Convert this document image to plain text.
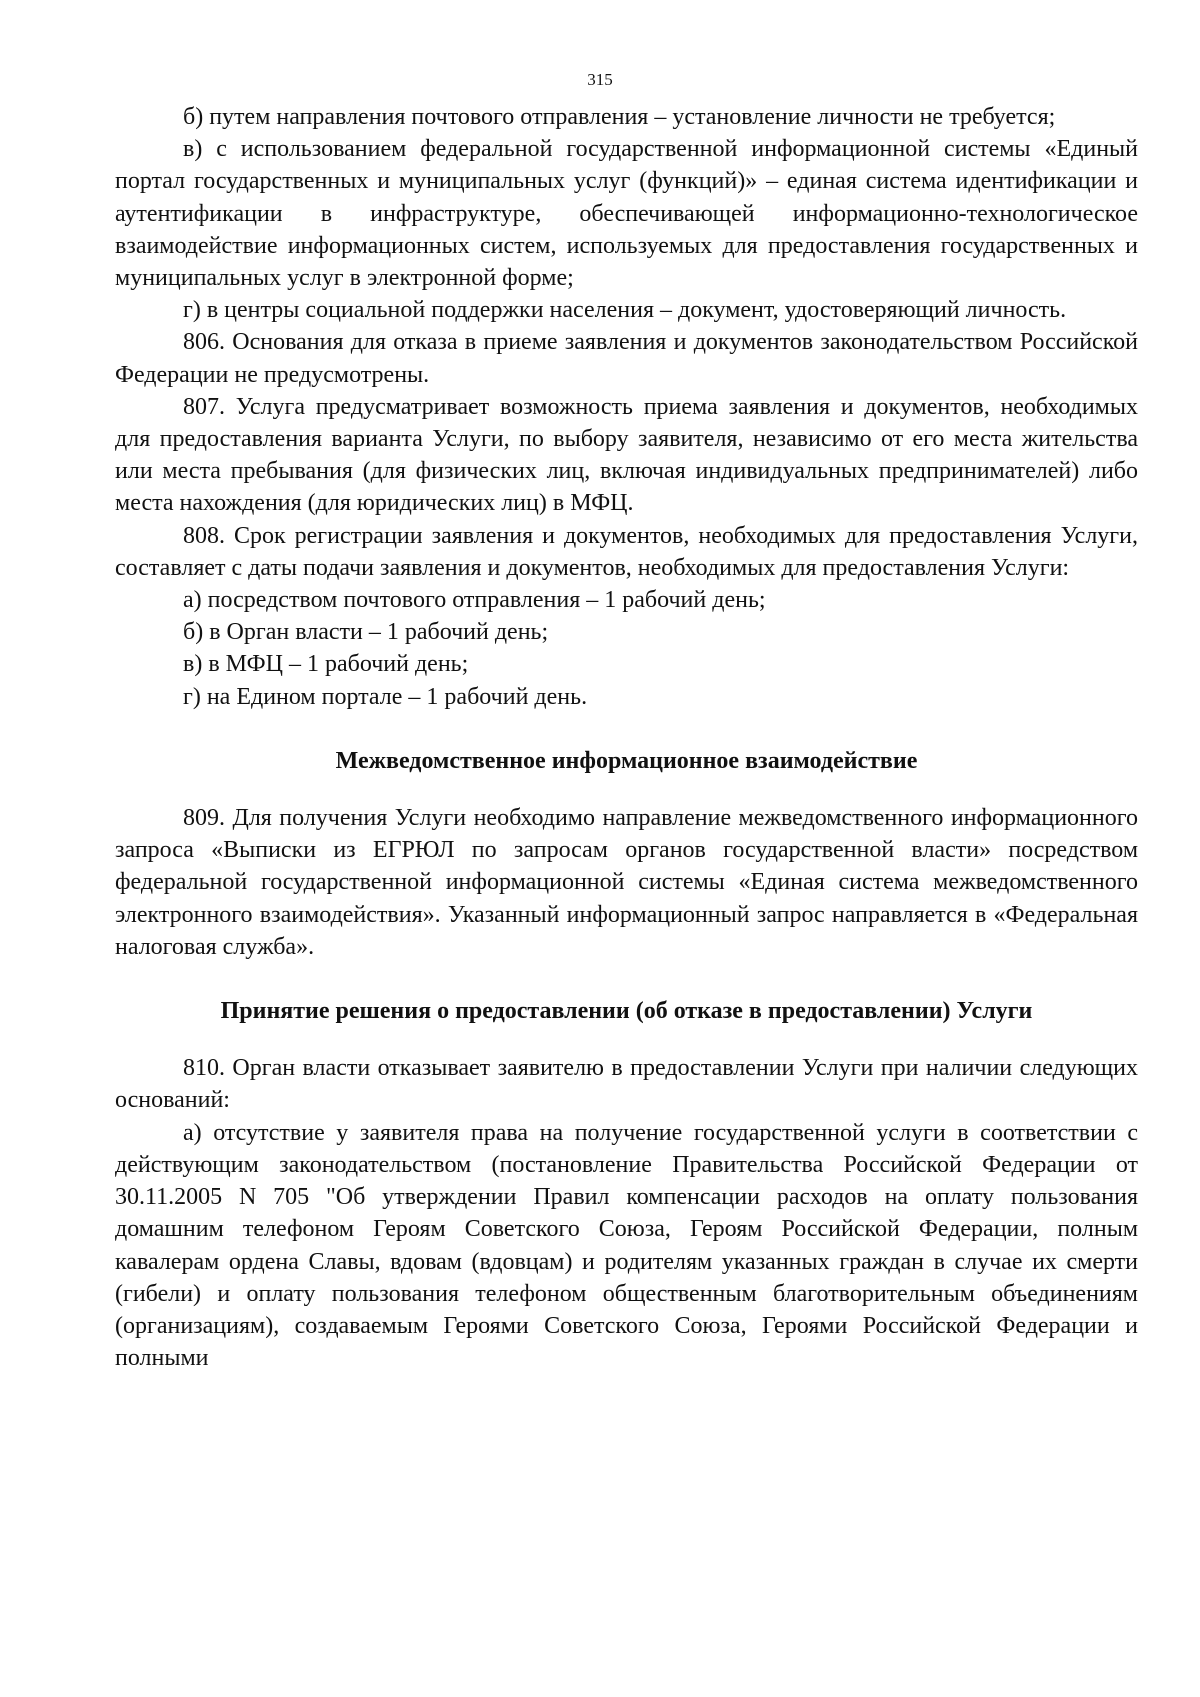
315

б) путем направления почтового отправления – установление личности не требуется;

в) с использованием федеральной государственной информационной системы «Единый портал государственных и муниципальных услуг (функций)» – единая система идентификации и аутентификации в инфраструктуре, обеспечивающей информационно-технологическое взаимодействие информационных систем, используемых для предоставления государственных и муниципальных услуг в электронной форме;

г) в центры социальной поддержки населения – документ, удостоверяющий личность.

806. Основания для отказа в приеме заявления и документов законодательством Российской Федерации не предусмотрены.

807. Услуга предусматривает возможность приема заявления и документов, необходимых для предоставления варианта Услуги, по выбору заявителя, независимо от его места жительства или места пребывания (для физических лиц, включая индивидуальных предпринимателей) либо места нахождения (для юридических лиц) в МФЦ.

808. Срок регистрации заявления и документов, необходимых для предоставления Услуги, составляет с даты подачи заявления и документов, необходимых для предоставления Услуги:

а) посредством почтового отправления – 1 рабочий день;

б) в Орган власти – 1 рабочий день;

в) в МФЦ – 1 рабочий день;

г) на Едином портале – 1 рабочий день.

Межведомственное информационное взаимодействие

809. Для получения Услуги необходимо направление межведомственного информационного запроса «Выписки из ЕГРЮЛ по запросам органов государственной власти» посредством федеральной государственной информационной системы «Единая система межведомственного электронного взаимодействия». Указанный информационный запрос направляется в «Федеральная налоговая служба».

Принятие решения о предоставлении (об отказе в предоставлении) Услуги

810. Орган власти отказывает заявителю в предоставлении Услуги при наличии следующих оснований:

а) отсутствие у заявителя права на получение государственной услуги в соответствии с действующим законодательством (постановление Правительства Российской Федерации от 30.11.2005 N 705 "Об утверждении Правил компенсации расходов на оплату пользования домашним телефоном Героям Советского Союза, Героям Российской Федерации, полным кавалерам ордена Славы, вдовам (вдовцам) и родителям указанных граждан в случае их смерти (гибели) и оплату пользования телефоном общественным благотворительным объединениям (организациям), создаваемым Героями Советского Союза, Героями Российской Федерации и полными
